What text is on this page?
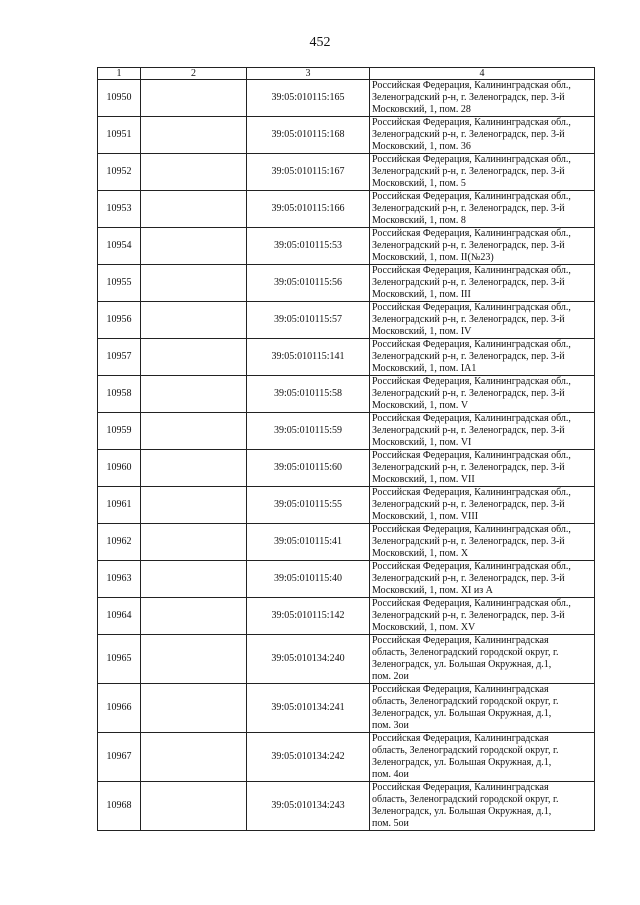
452
1	2	3	4
10950		39:05:010115:165	Российская Федерация, Калининградская обл.,
Зеленоградский р-н, г. Зеленоградск, пер. 3-й
Московский, 1, пом. 28

10951		39:05:010115:168	Российская Федерация, Калининградская обл.,
Зеленоградский р-н, г. Зеленоградск, пер. 3-й
Московский, 1, пом. 36

10952		39:05:010115:167	Российская Федерация, Калининградская обл.,
Зеленоградский р-н, г. Зеленоградск, пер. 3-й
Московский, 1, пом. 5

10953		39:05:010115:166	Российская Федерация, Калининградская обл.,
Зеленоградский р-н, г. Зеленоградск, пер. 3-й
Московский, 1, пом. 8

10954		39:05:010115:53	Российская Федерация, Калининградская обл.,
Зеленоградский р-н, г. Зеленоградск, пер. 3-й
Московский, 1, пом. II(№23)

10955		39:05:010115:56	Российская Федерация, Калининградская обл.,
Зеленоградский р-н, г. Зеленоградск, пер. 3-й
Московский, 1, пом. III

10956		39:05:010115:57	Российская Федерация, Калининградская обл.,
Зеленоградский р-н, г. Зеленоградск, пер. 3-й
Московский, 1, пом. IV

10957		39:05:010115:141	Российская Федерация, Калининградская обл.,
Зеленоградский р-н, г. Зеленоградск, пер. 3-й
Московский, 1, пом. IA1

10958		39:05:010115:58	Российская Федерация, Калининградская обл.,
Зеленоградский р-н, г. Зеленоградск, пер. 3-й
Московский, 1, пом. V

10959		39:05:010115:59	Российская Федерация, Калининградская обл.,
Зеленоградский р-н, г. Зеленоградск, пер. 3-й
Московский, 1, пом. VI

10960		39:05:010115:60	Российская Федерация, Калининградская обл.,
Зеленоградский р-н, г. Зеленоградск, пер. 3-й
Московский, 1, пом. VII

10961		39:05:010115:55	Российская Федерация, Калининградская обл.,
Зеленоградский р-н, г. Зеленоградск, пер. 3-й
Московский, 1, пом. VIII

10962		39:05:010115:41	Российская Федерация, Калининградская обл.,
Зеленоградский р-н, г. Зеленоградск, пер. 3-й
Московский, 1, пом. X

10963		39:05:010115:40	Российская Федерация, Калининградская обл.,
Зеленоградский р-н, г. Зеленоградск, пер. 3-й
Московский, 1, пом. XI из А

10964		39:05:010115:142	Российская Федерация, Калининградская обл.,
Зеленоградский р-н, г. Зеленоградск, пер. 3-й
Московский, 1, пом. XV

10965		39:05:010134:240	Российская Федерация, Калининградская
область, Зеленоградский городской округ, г.
Зеленоградск, ул. Большая Окружная, д.1,
пом. 2ои

10966		39:05:010134:241	Российская Федерация, Калининградская
область, Зеленоградский городской округ, г.
Зеленоградск, ул. Большая Окружная, д.1,
пом. 3ои

10967		39:05:010134:242	Российская Федерация, Калининградская
область, Зеленоградский городской округ, г.
Зеленоградск, ул. Большая Окружная, д.1,
пом. 4ои

10968		39:05:010134:243	Российская Федерация, Калининградская
область, Зеленоградский городской округ, г.
Зеленоградск, ул. Большая Окружная, д.1,
пом. 5ои
